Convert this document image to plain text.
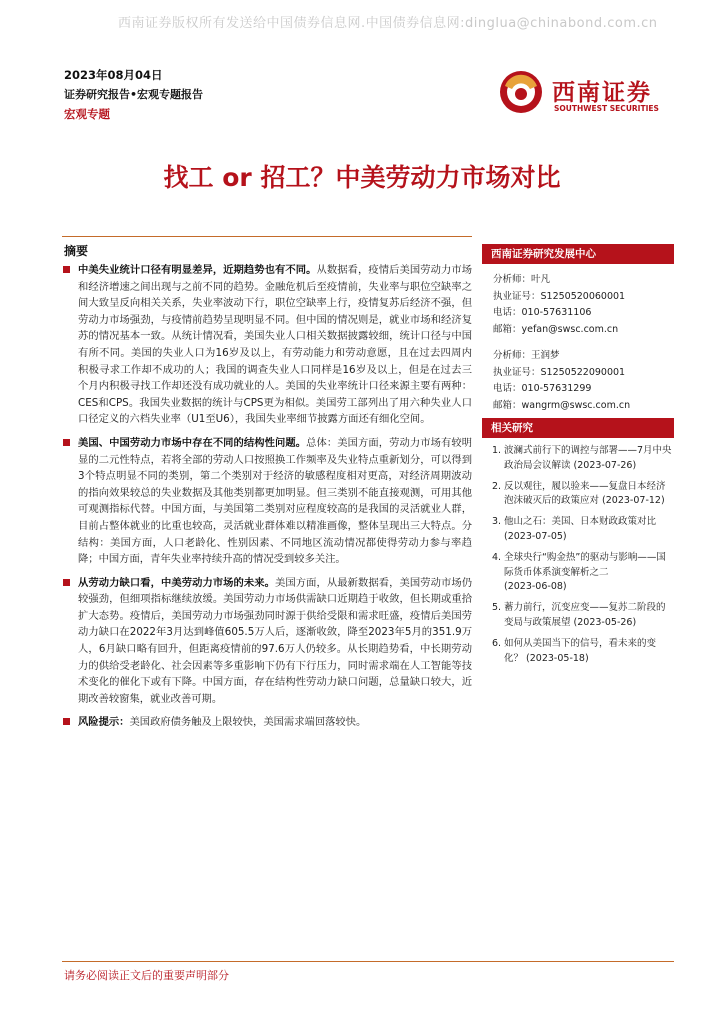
西南证券版权所有发送给中国债券信息网.中国债券信息网:dinglua@chinabond.com.cn
2023年08月04日
证券研究报告•宏观专题报告
宏观专题
西南证券
SOUTHWEST SECURITIES
找工 or 招工？中美劳动力市场对比
摘要
中美失业统计口径有明显差异，近期趋势也有不同。从数据看，疫情后美国劳动力市场和经济增速之间出现与之前不同的趋势。金融危机后至疫情前，失业率与职位空缺率之间大致呈反向相关关系，失业率波动下行，职位空缺率上行，疫情复苏后经济不强，但劳动力市场强劲，与疫情前趋势呈现明显不同。但中国的情况则是，就业市场和经济复苏的情况基本一致。从统计情况看，美国失业人口相关数据披露较细，统计口径与中国有所不同。美国的失业人口为16岁及以上，有劳动能力和劳动意愿，且在过去四周内积极寻求工作却不成功的人；我国的调查失业人口同样是16岁及以上，但是在过去三个月内积极寻找工作却还没有成功就业的人。美国的失业率统计口径来源主要有两种：CES和CPS。我国失业数据的统计与CPS更为相似。美国劳工部列出了用六种失业人口口径定义的六档失业率（U1至U6），我国失业率细节披露方面还有细化空间。
美国、中国劳动力市场中存在不同的结构性问题。总体：美国方面，劳动力市场有较明显的二元性特点，若将全部的劳动人口按照换工作频率及失业特点重新划分，可以得到3个特点明显不同的类别，第二个类别对于经济的敏感程度相对更高，对经济周期波动的指向效果较总的失业数据及其他类别都更加明显。但三类别不能直接观测，可用其他可观测指标代替。中国方面，与美国第二类别对应程度较高的是我国的灵活就业人群，目前占整体就业的比重也较高，灵活就业群体难以精准画像，整体呈现出三大特点。分结构：美国方面，人口老龄化、性别因素、不同地区流动情况都使得劳动力参与率趋降；中国方面，青年失业率持续升高的情况受到较多关注。
从劳动力缺口看，中美劳动力市场的未来。美国方面，从最新数据看，美国劳动市场仍较强劲，但细项指标继续放缓。美国劳动力市场供需缺口近期趋于收敛，但长期或重拾扩大态势。疫情后，美国劳动力市场强劲同时源于供给受限和需求旺盛，疫情后美国劳动力缺口在2022年3月达到峰值605.5万人后，逐渐收敛，降至2023年5月的351.9万人，6月缺口略有回升，但距离疫情前的97.6万人仍较多。从长期趋势看，中长期劳动力的供给受老龄化、社会因素等多重影响下仍有下行压力，同时需求端在人工智能等技术变化的催化下或有下降。中国方面，存在结构性劳动力缺口问题，总量缺口较大，近期改善较窗集，就业改善可期。
风险提示：美国政府债务触及上限较快，美国需求端回落较快。
西南证券研究发展中心
分析师：叶凡
执业证号：S1250520060001
电话：010-57631106
邮箱：yefan@swsc.com.cn
分析师：王润梦
执业证号：S1250522090001
电话：010-57631299
邮箱：wangrm@swsc.com.cn
相关研究
1. 波澜式前行下的调控与部署——7月中央政治局会议解读 (2023-07-26)
2. 反以观往，履以验来——复盘日本经济泡沫破灭后的政策应对 (2023-07-12)
3. 他山之石：美国、日本财政政策对比 (2023-07-05)
4. 全球央行“购金热”的驱动与影响——国际货币体系演变解析之二 (2023-06-08)
5. 蓄力前行，沉变应变——复苏二阶段的变局与政策展望 (2023-05-26)
6. 如何从美国当下的信号，看未来的变化？ (2023-05-18)
请务必阅读正文后的重要声明部分
